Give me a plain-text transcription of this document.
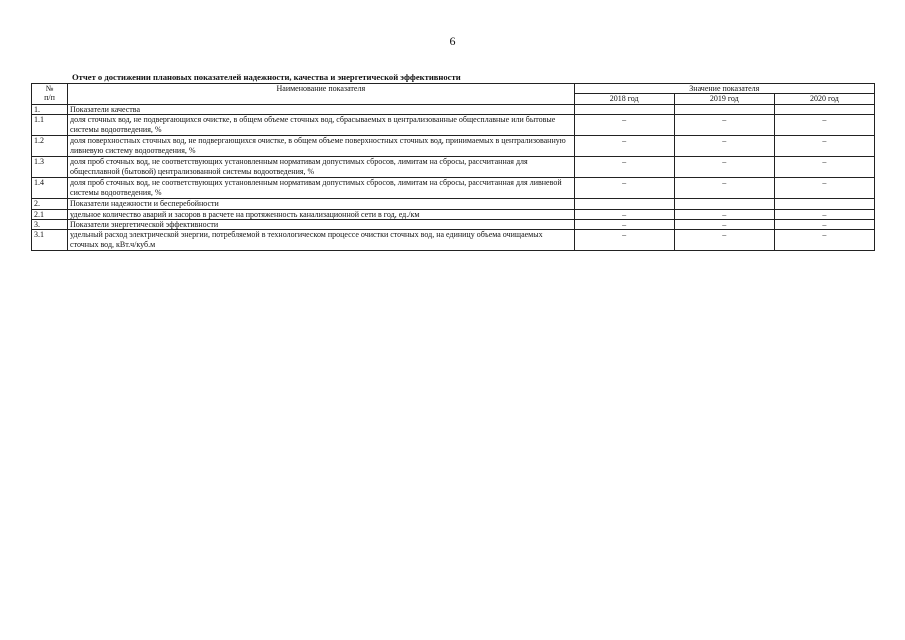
6
Отчет о достижении плановых показателей надежности, качества и энергетической эффективности
№
п/п	Наименование показателя	Значение показателя		
		2018 год	2019 год	2020 год
1.	Показатели качества			
1.1	доля сточных вод, не подвергающихся очистке, в общем объеме сточных вод, сбрасываемых в централизованные общесплавные или бытовые системы водоотведения, %	–	–	–
1.2	доля поверхностных сточных вод, не подвергающихся очистке, в общем объеме поверхностных сточных вод, принимаемых в централизованную ливневую систему водоотведения, %	–	–	–
1.3	доля проб сточных вод, не соответствующих установленным нормативам допустимых сбросов, лимитам на сбросы, рассчитанная для общесплавной (бытовой) централизованной системы водоотведения, %	–	–	–
1.4	доля проб сточных вод, не соответствующих установленным нормативам допустимых сбросов, лимитам на сбросы, рассчитанная для ливневой системы водоотведения, %	–	–	–
2.	Показатели надежности и бесперебойности			
2.1	удельное количество аварий и засоров в расчете на протяженность канализационной сети в год, ед./км	–	–	–
3.	Показатели энергетической эффективности	–	–	–
3.1	удельный расход электрической энергии, потребляемой в технологическом процессе очистки сточных вод, на единицу объема очищаемых сточных вод, кВт.ч/куб.м	–	–	–
